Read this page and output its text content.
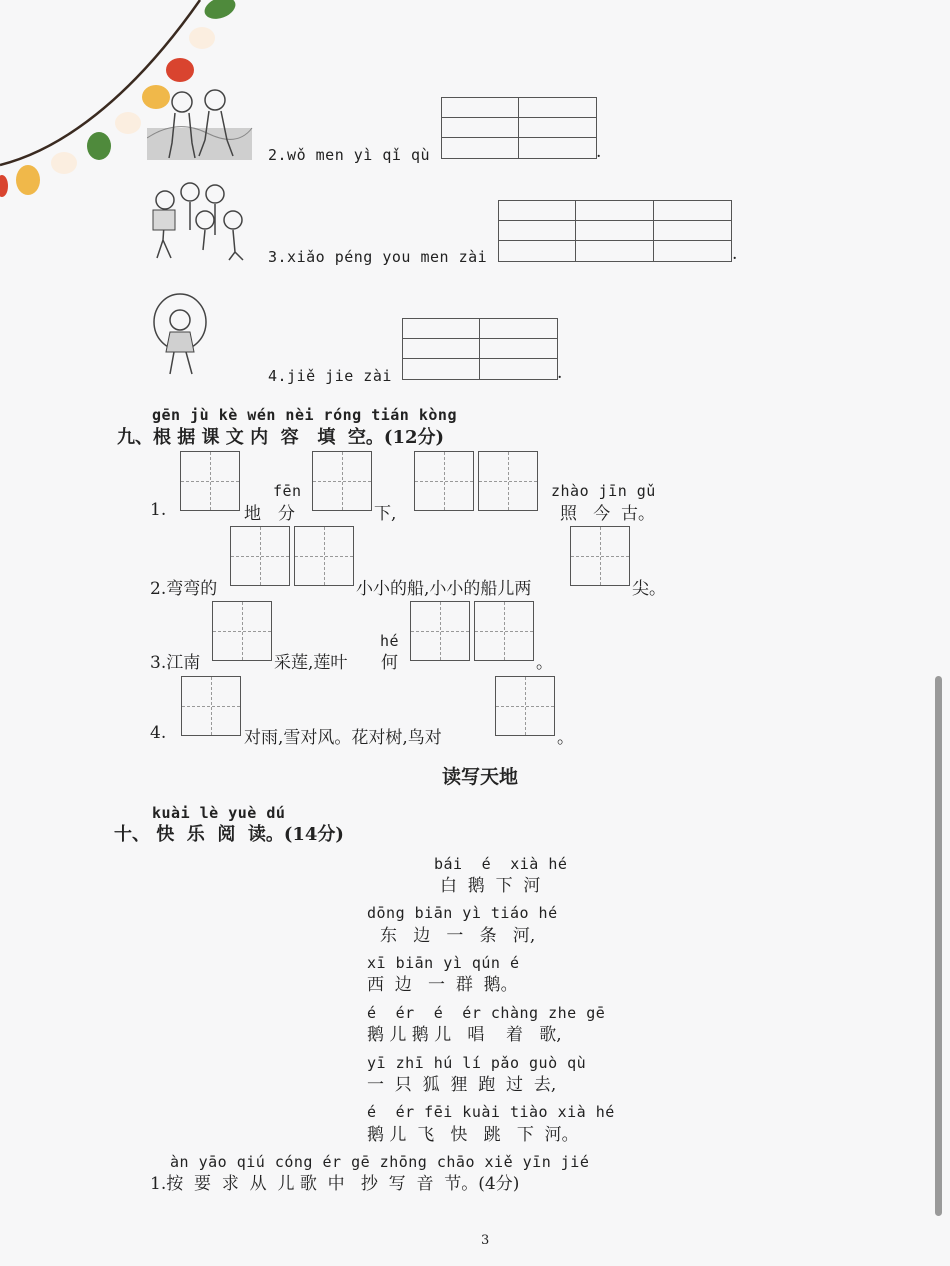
2.wǒ men yì qǐ qù	.
3.xiǎo péng you men zài	.
4.jiě jie zài	.
gēn jù kè wén nèi róng tián kòng
九、根 据 课 文 内  容   填  空。(12分)
1.	地
fēn
分	下,
zhào jīn gǔ
照   今  古。
2.弯弯的	小小的船,小小的船儿两	尖。
3.江南	采莲,莲叶
hé
何	。
4.	对雨,雪对风。花对树,鸟对	。
读写天地
kuài lè yuè dú
十、 快  乐  阅  读。(14分)
bái  é  xià hé
白  鹅  下  河
dōng biān yì tiáo hé
东   边   一   条   河,
xī biān yì qún é
西  边   一  群  鹅。
é  ér  é  ér chàng zhe gē
鹅 儿 鹅 儿   唱    着   歌,
yī zhī hú lí pǎo guò qù
一  只  狐  狸  跑  过  去,
é  ér fēi kuài tiào xià hé
鹅 儿  飞   快   跳   下  河。
àn yāo qiú cóng ér gē zhōng chāo xiě yīn jié
1.按  要  求  从  儿 歌  中   抄  写  音  节。(4分)
3
